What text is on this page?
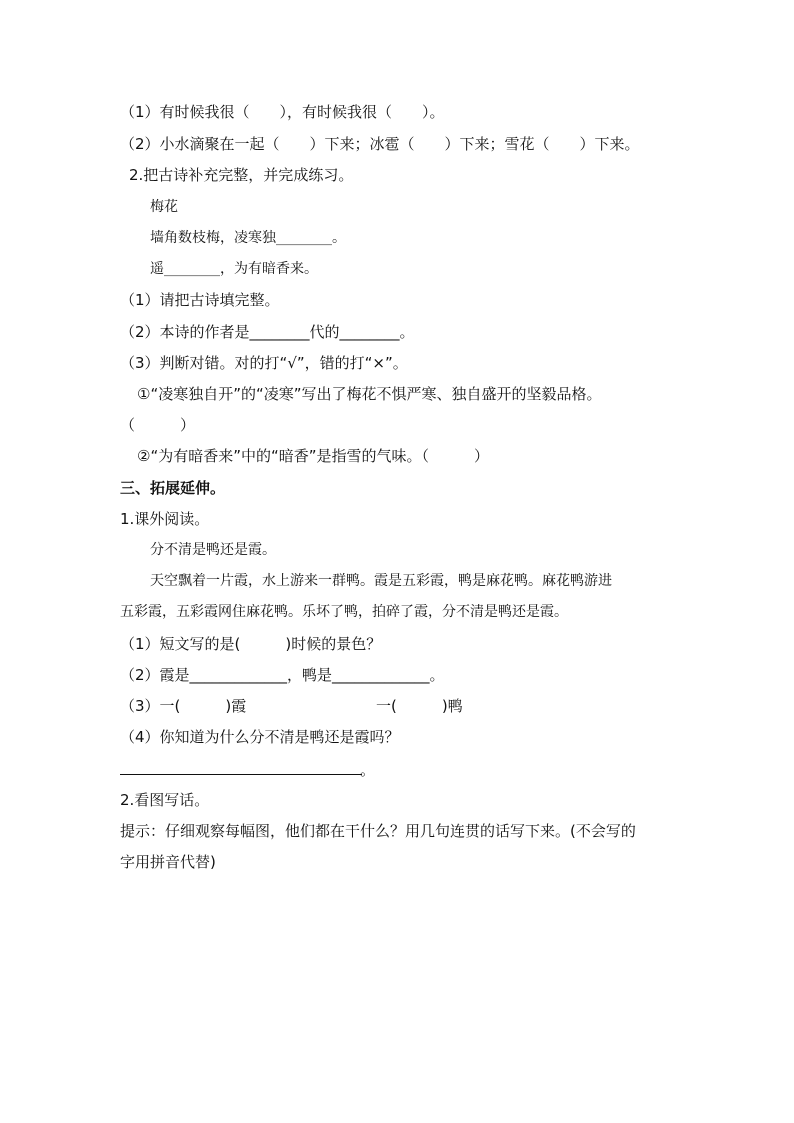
（1）有时候我很（　　），有时候我很（　　）。
（2）小水滴聚在一起（　　）下来；冰雹（　　）下来；雪花（　　）下来。
2.把古诗补充完整，并完成练习。
梅花
墙角数枝梅，凌寒独________。
遥________，为有暗香来。
（1）请把古诗填完整。
（2）本诗的作者是________代的________。
（3）判断对错。对的打“√”，错的打“×”。
①“凌寒独自开”的“凌寒”写出了梅花不惧严寒、独自盛开的坚毅品格。
（　　　）
②“为有暗香来”中的“暗香”是指雪的气味。（　　　）
三、拓展延伸。
1.课外阅读。
分不清是鸭还是霞。
天空飘着一片霞，水上游来一群鸭。霞是五彩霞，鸭是麻花鸭。麻花鸭游进
五彩霞，五彩霞网住麻花鸭。乐坏了鸭，拍碎了霞，分不清是鸭还是霞。
（1）短文写的是(　　　)时候的景色？
（2）霞是_____________，鸭是_____________。
（3）一(　　　)霞	一(　　　)鸭
（4）你知道为什么分不清是鸭还是霞吗？
。
2.看图写话。
提示：仔细观察每幅图，他们都在干什么？用几句连贯的话写下来。(不会写的
字用拼音代替)
